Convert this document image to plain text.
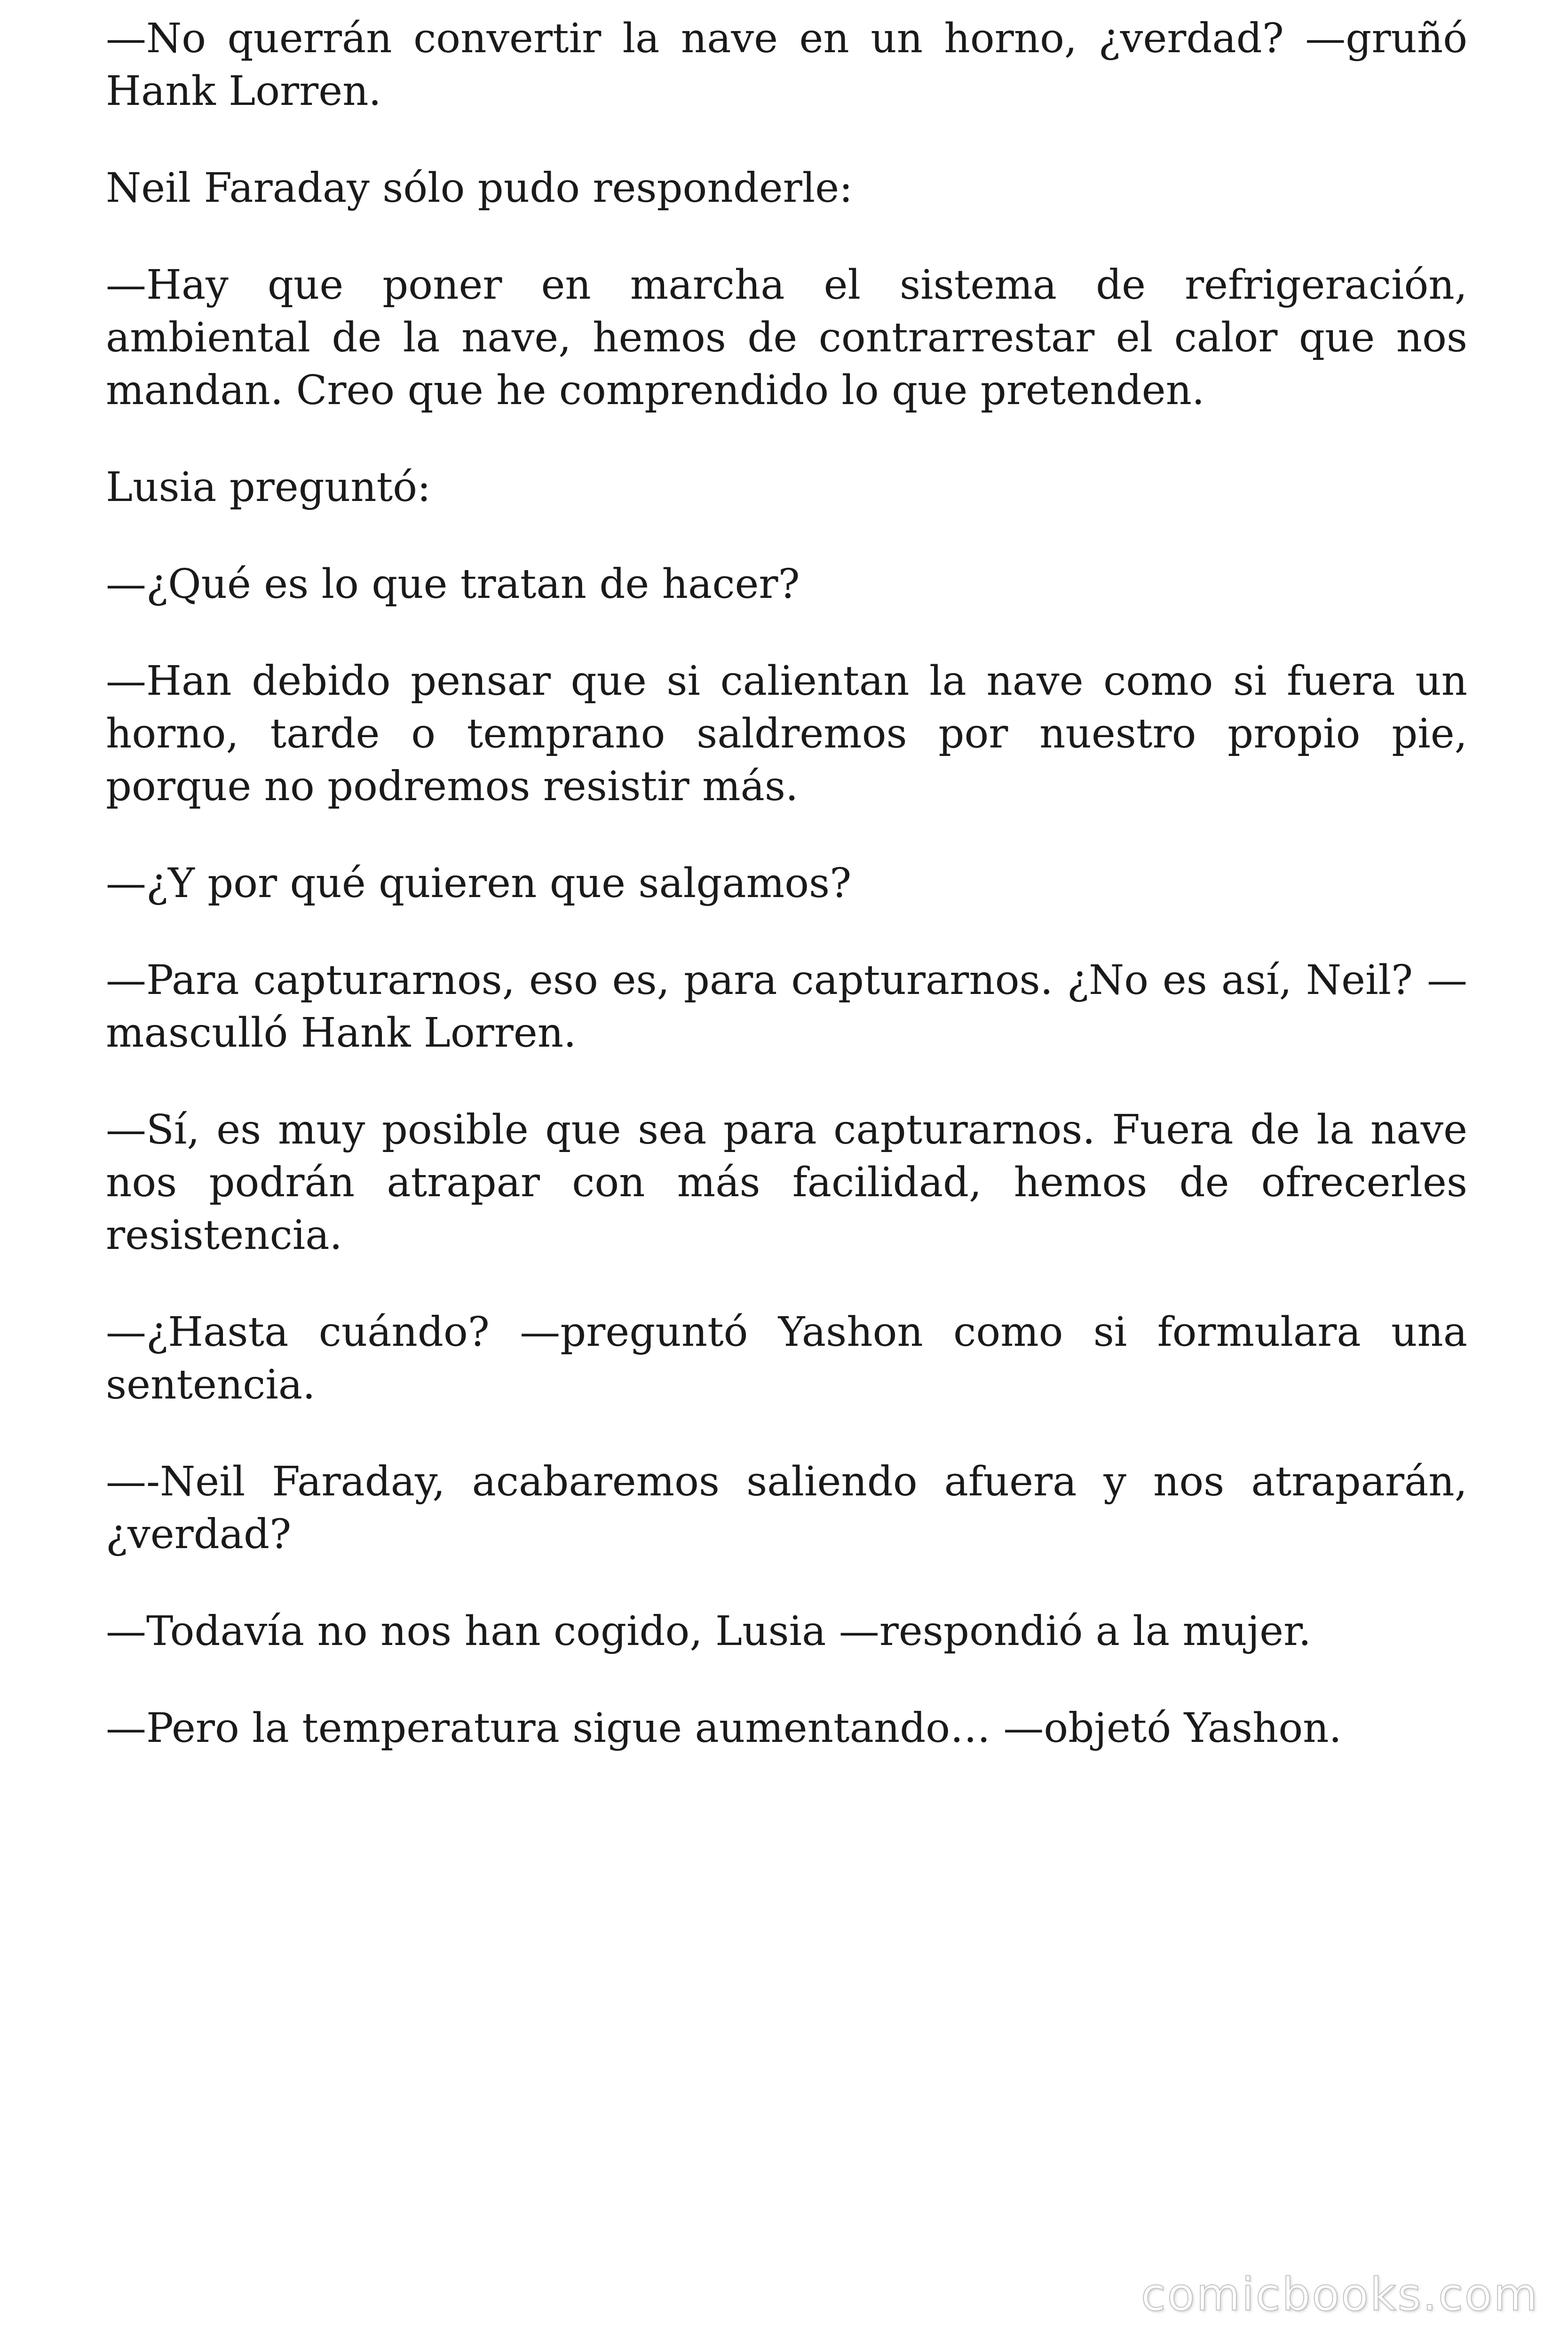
—No querrán convertir la nave en un horno, ¿verdad? —gruñó Hank Lorren.

Neil Faraday sólo pudo responderle:

—Hay que poner en marcha el sistema de refrigeración, ambiental de la nave, hemos de contrarrestar el calor que nos mandan. Creo que he comprendido lo que pretenden.

Lusia preguntó:

—¿Qué es lo que tratan de hacer?

—Han debido pensar que si calientan la nave como si fuera un horno, tarde o temprano saldremos por nuestro propio pie, porque no podremos resistir más.

—¿Y por qué quieren que salgamos?

—Para capturarnos, eso es, para capturarnos. ¿No es así, Neil? —masculló Hank Lorren.

—Sí, es muy posible que sea para capturarnos. Fuera de la nave nos podrán atrapar con más facilidad, hemos de ofrecerles resistencia.

—¿Hasta cuándo? —preguntó Yashon como si formulara una sentencia.

—-Neil Faraday, acabaremos saliendo afuera y nos atraparán, ¿verdad?

—Todavía no nos han cogido, Lusia —respondió a la mujer.

—Pero la temperatura sigue aumentando… —objetó Yashon.

comicbooks.com
